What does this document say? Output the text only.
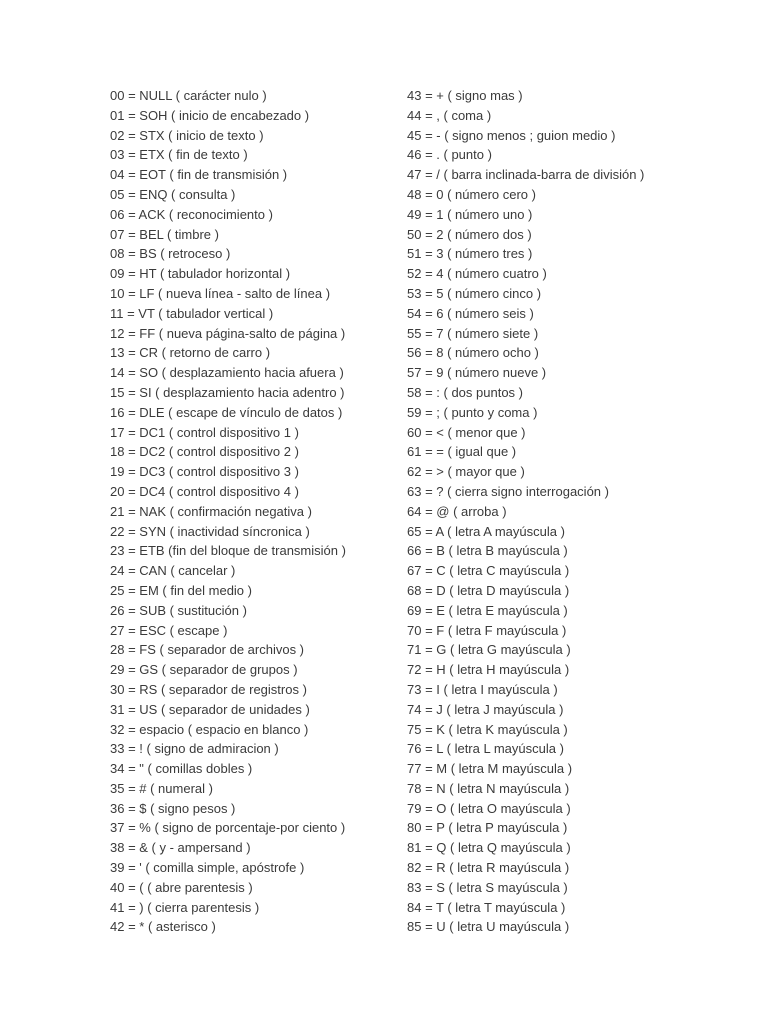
00 = NULL ( carácter nulo )
01 = SOH ( inicio de encabezado )
02 = STX ( inicio de texto )
03 = ETX ( fin de texto )
04 = EOT ( fin de transmisión )
05 = ENQ ( consulta )
06 = ACK ( reconocimiento )
07 = BEL ( timbre )
08 = BS ( retroceso )
09 = HT ( tabulador horizontal )
10 = LF ( nueva línea - salto de línea )
11 = VT ( tabulador vertical )
12 = FF ( nueva página-salto de página )
13 = CR ( retorno de carro )
14 = SO ( desplazamiento hacia afuera )
15 = SI ( desplazamiento hacia adentro )
16 = DLE ( escape de vínculo de datos )
17 = DC1 ( control dispositivo 1 )
18 = DC2 ( control dispositivo 2 )
19 = DC3 ( control dispositivo 3 )
20 = DC4 ( control dispositivo 4 )
21 = NAK ( confirmación negativa )
22 = SYN ( inactividad síncronica )
23 = ETB (fin del bloque de transmisión )
24 = CAN ( cancelar )
25 = EM ( fin del medio )
26 = SUB ( sustitución )
27 = ESC ( escape )
28 = FS ( separador de archivos )
29 = GS ( separador de grupos )
30 = RS ( separador de registros )
31 = US ( separador de unidades )
32 = espacio ( espacio en blanco )
33 = ! ( signo de admiracion )
34 = " ( comillas dobles )
35 = # ( numeral )
36 = $ ( signo pesos )
37 = % ( signo de porcentaje-por ciento )
38 = & ( y - ampersand )
39 = ' ( comilla simple, apóstrofe )
40 = ( ( abre parentesis )
41 = ) ( cierra parentesis )
42 = * ( asterisco )
43 = + ( signo mas )
44 = , ( coma )
45 = - ( signo menos ; guion medio )
46 = . ( punto )
47 = / ( barra inclinada-barra de división )
48 = 0 ( número cero )
49 = 1 ( número uno )
50 = 2 ( número dos )
51 = 3 ( número tres )
52 = 4 ( número cuatro )
53 = 5 ( número cinco )
54 = 6 ( número seis )
55 = 7 ( número siete )
56 = 8 ( número ocho )
57 = 9 ( número nueve )
58 = : ( dos puntos )
59 = ; ( punto y coma )
60 = < ( menor que )
61 = = ( igual que )
62 = > ( mayor que )
63 = ? ( cierra signo interrogación )
64 = @ ( arroba )
65 = A ( letra A mayúscula )
66 = B ( letra B mayúscula )
67 = C ( letra C mayúscula )
68 = D ( letra D mayúscula )
69 = E ( letra E mayúscula )
70 = F ( letra F mayúscula )
71 = G ( letra G mayúscula )
72 = H ( letra H mayúscula )
73 = I ( letra I mayúscula )
74 = J ( letra J mayúscula )
75 = K ( letra K mayúscula )
76 = L ( letra L mayúscula )
77 = M ( letra M mayúscula )
78 = N ( letra N mayúscula )
79 = O ( letra O mayúscula )
80 = P ( letra P mayúscula )
81 = Q ( letra Q mayúscula )
82 = R ( letra R mayúscula )
83 = S ( letra S mayúscula )
84 = T ( letra T mayúscula )
85 = U ( letra U mayúscula )
